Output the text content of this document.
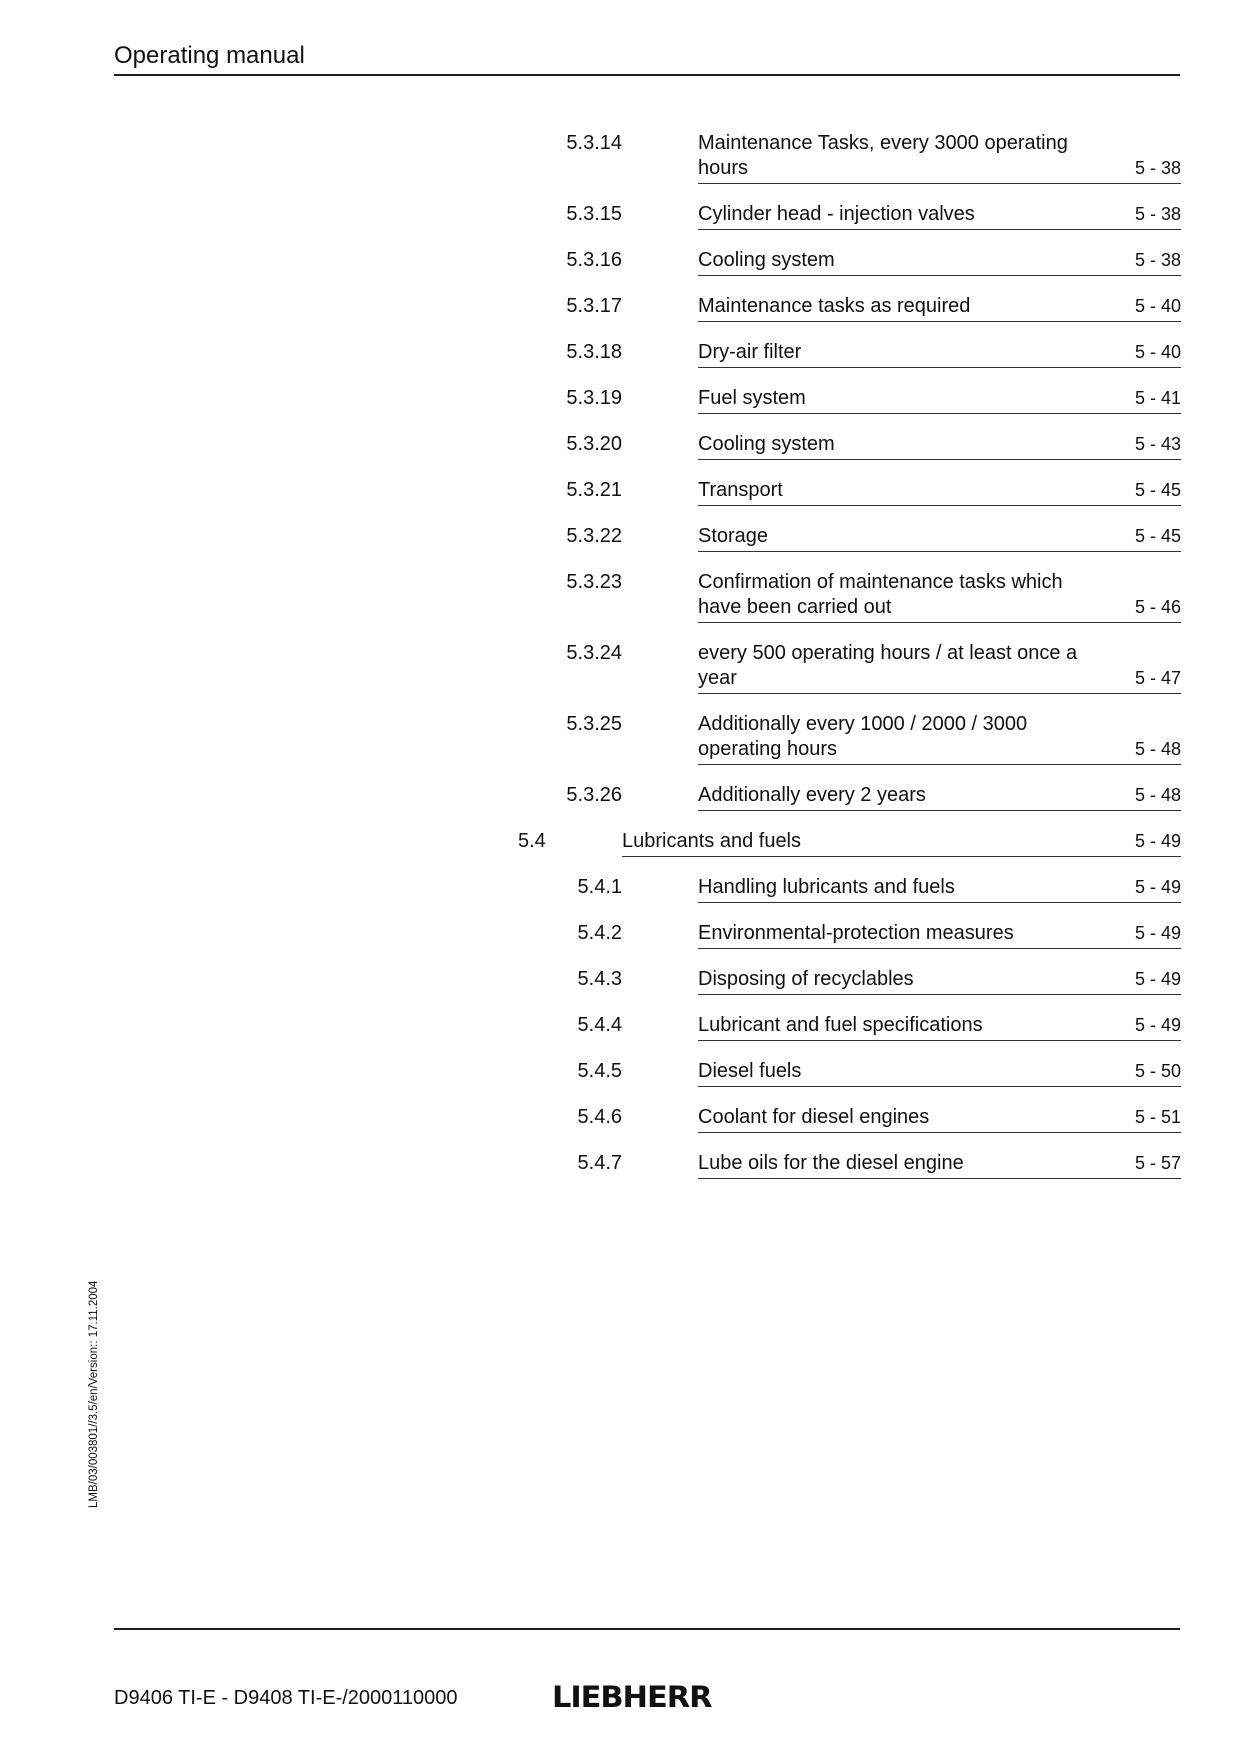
Operating manual
5.3.14	Maintenance Tasks, every 3000 operating
hours	5 - 38
5.3.15	Cylinder head - injection valves	5 - 38
5.3.16	Cooling system	5 - 38
5.3.17	Maintenance tasks as required	5 - 40
5.3.18	Dry-air filter	5 - 40
5.3.19	Fuel system	5 - 41
5.3.20	Cooling system	5 - 43
5.3.21	Transport	5 - 45
5.3.22	Storage	5 - 45
5.3.23	Confirmation of maintenance tasks which
have been carried out	5 - 46
5.3.24	every 500 operating hours / at least once a
year	5 - 47
5.3.25	Additionally every 1000 / 2000 / 3000
operating hours	5 - 48
5.3.26	Additionally every 2 years	5 - 48
5.4	Lubricants and fuels	5 - 49
5.4.1	Handling lubricants and fuels	5 - 49
5.4.2	Environmental-protection measures	5 - 49
5.4.3	Disposing of recyclables	5 - 49
5.4.4	Lubricant and fuel specifications	5 - 49
5.4.5	Diesel fuels	5 - 50
5.4.6	Coolant for diesel engines	5 - 51
5.4.7	Lube oils for the diesel engine	5 - 57
LMB/03/003801//3.5/en/Version:: 17.11.2004
D9406 TI-E - D9408 TI-E-/2000110000	LIEBHERR
